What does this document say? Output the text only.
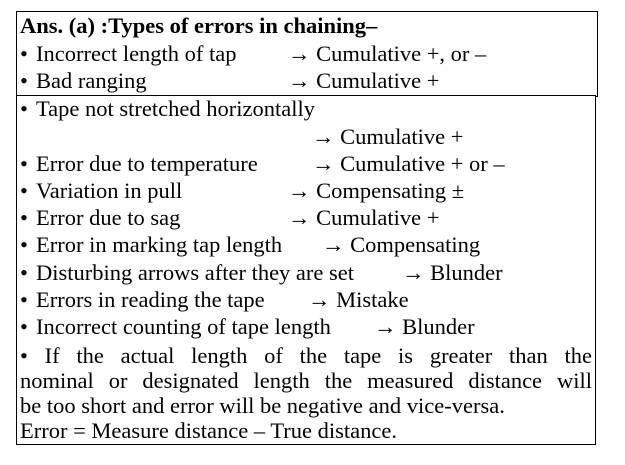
Ans. (a) :Types of errors in chaining–
• Incorrect length of tap → Cumulative +, or –
• Bad ranging	→ Cumulative +
• Tape not stretched horizontally
→ Cumulative +
• Error due to temperature → Cumulative + or –
• Variation in pull	→ Compensating ±
• Error due to sag	→ Cumulative +
• Error in marking tap length → Compensating
• Disturbing arrows after they are set → Blunder
• Errors in reading the tape → Mistake
• Incorrect counting of tape length → Blunder
• If the actual length of the tape is greater than the
nominal or designated length the measured distance will
be too short and error will be negative and vice-versa.
Error = Measure distance – True distance.
